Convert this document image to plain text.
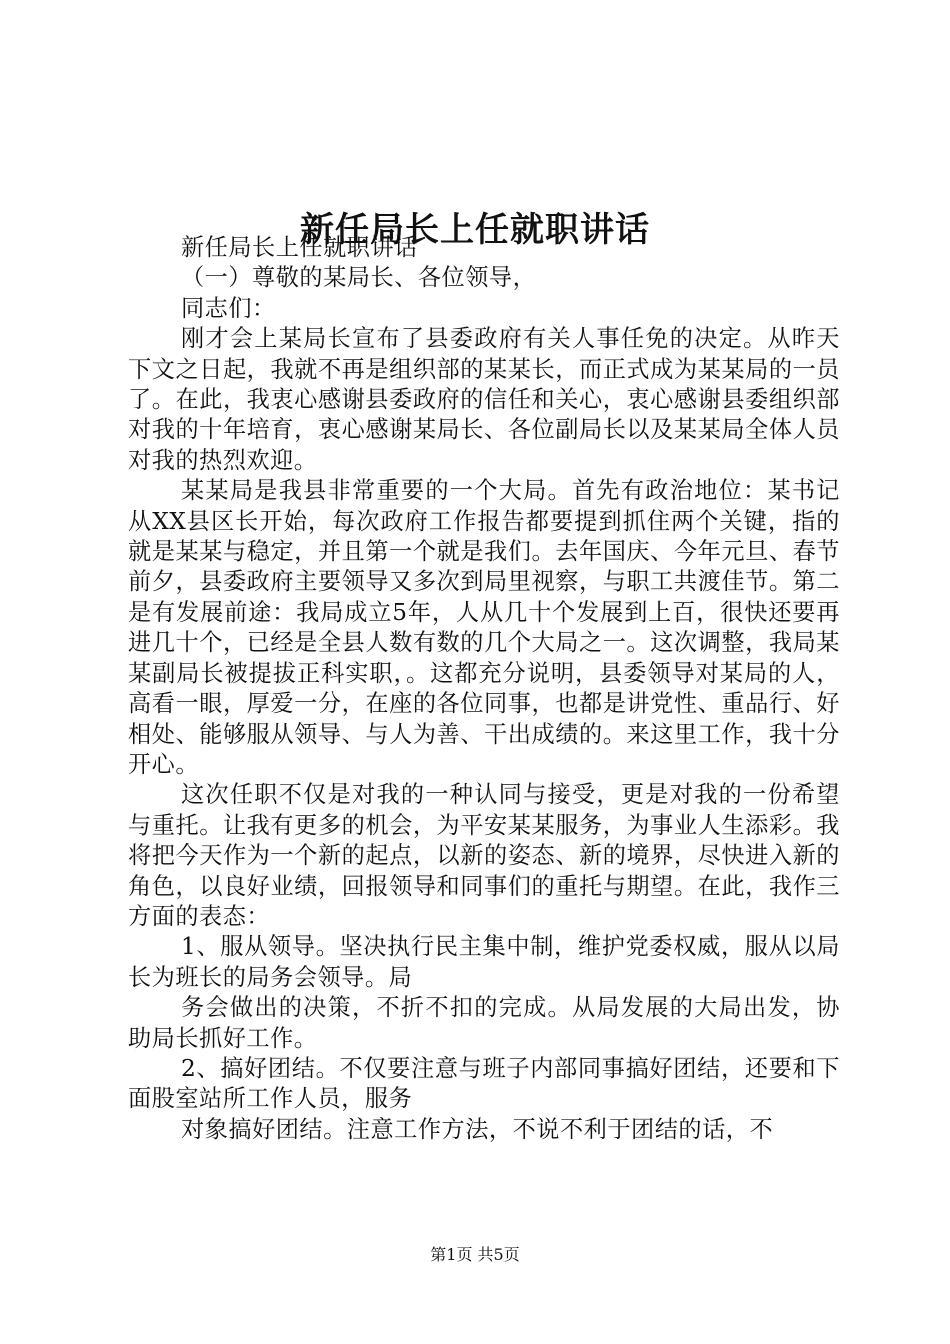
新任局长上任就职讲话

新任局长上任就职讲话

（一）尊敬的某局长、各位领导，

同志们：

刚才会上某局长宣布了县委政府有关人事任免的决定。从昨天下文之日起，我就不再是组织部的某某长，而正式成为某某局的一员了。在此，我衷心感谢县委政府的信任和关心，衷心感谢县委组织部对我的十年培育，衷心感谢某局长、各位副局长以及某某局全体人员对我的热烈欢迎。

某某局是我县非常重要的一个大局。首先有政治地位：某书记从XX县区长开始，每次政府工作报告都要提到抓住两个关键，指的就是某某与稳定，并且第一个就是我们。去年国庆、今年元旦、春节前夕，县委政府主要领导又多次到局里视察，与职工共渡佳节。第二是有发展前途：我局成立5年，人从几十个发展到上百，很快还要再进几十个，已经是全县人数有数的几个大局之一。这次调整，我局某某副局长被提拔正科实职，。这都充分说明，县委领导对某局的人，高看一眼，厚爱一分，在座的各位同事，也都是讲党性、重品行、好相处、能够服从领导、与人为善、干出成绩的。来这里工作，我十分开心。

这次任职不仅是对我的一种认同与接受，更是对我的一份希望与重托。让我有更多的机会，为平安某某服务，为事业人生添彩。我将把今天作为一个新的起点，以新的姿态、新的境界，尽快进入新的角色，以良好业绩，回报领导和同事们的重托与期望。在此，我作三方面的表态：

1、服从领导。坚决执行民主集中制，维护党委权威，服从以局长为班长的局务会领导。局

务会做出的决策，不折不扣的完成。从局发展的大局出发，协助局长抓好工作。

2、搞好团结。不仅要注意与班子内部同事搞好团结，还要和下面股室站所工作人员，服务

对象搞好团结。注意工作方法，不说不利于团结的话，不

第1页 共5页
